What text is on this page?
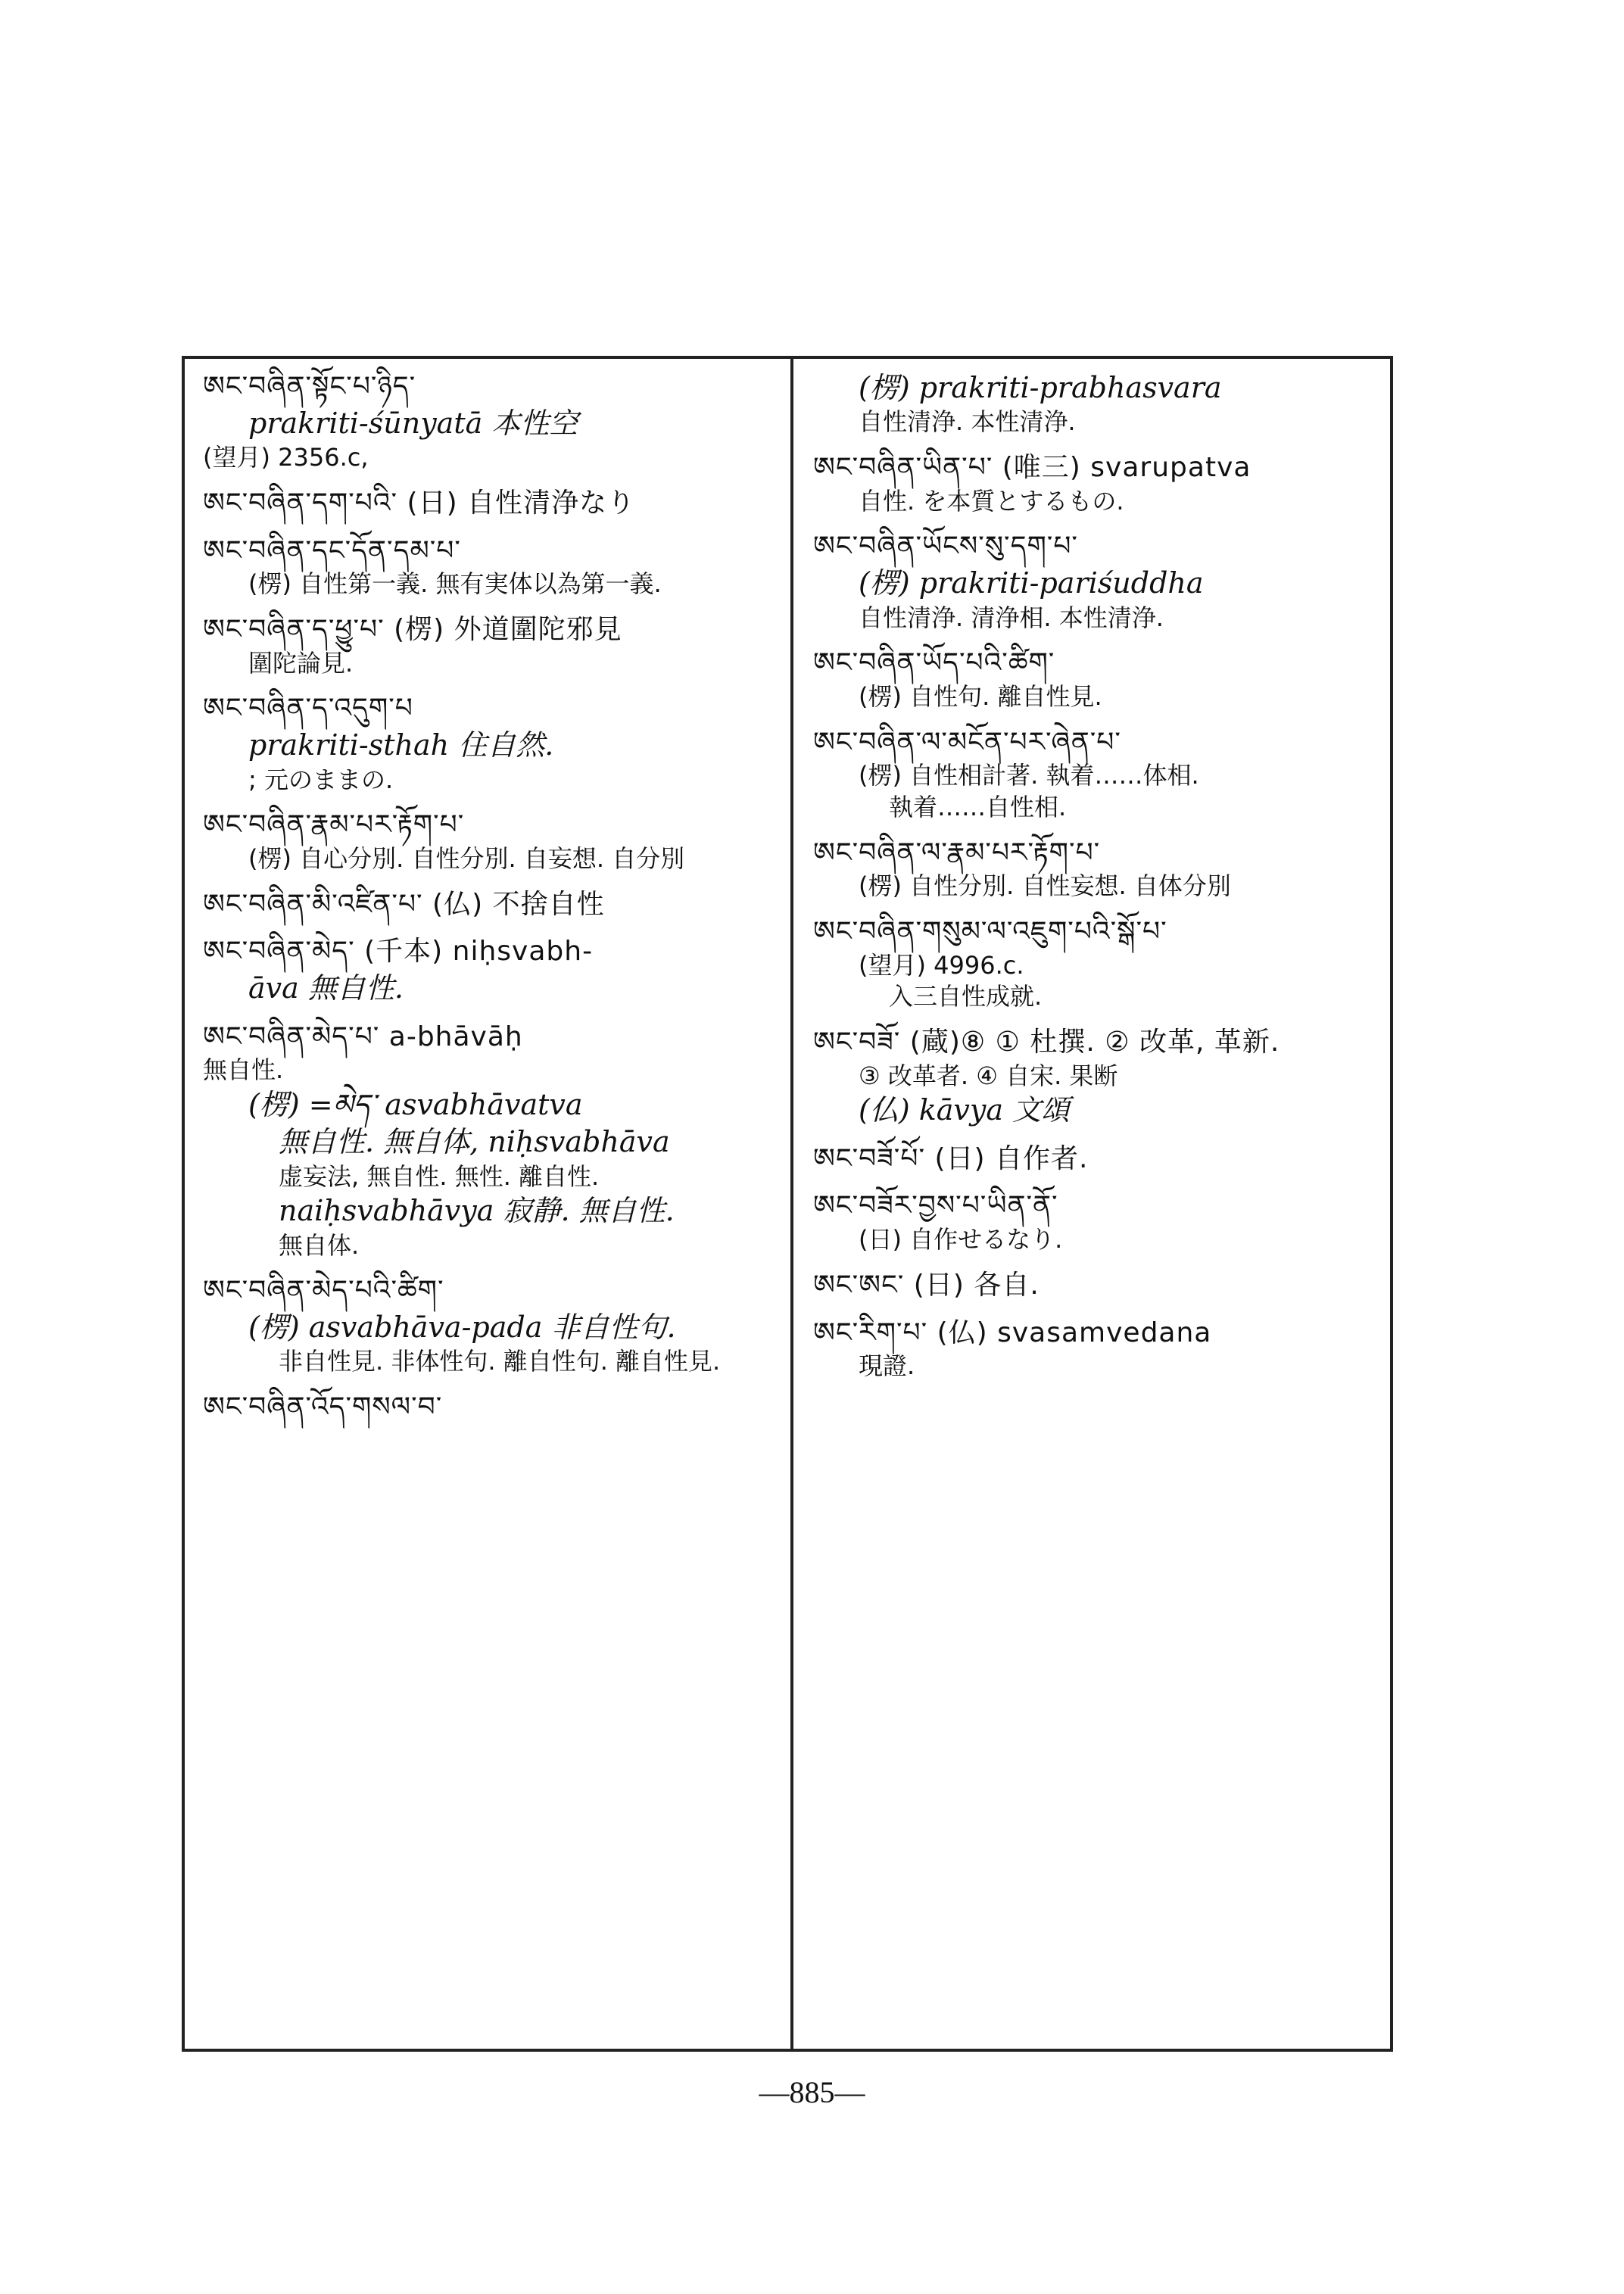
ཨང་བཞིན་སྟོང་པ་ཉིད་
prakriti-śūnyatā 本性空
(望月) 2356.c,
ཨང་བཞིན་དག་པའི་ (日) 自性清浄なり
ཨང་བཞིན་དང་དོན་དམ་པ་
(楞) 自性第一義. 無有実体以為第一義.
ཨང་བཞིན་ད་ཕྱུ་པ་ (楞) 外道圍陀邪見
圍陀論見.
ཨང་བཞིན་ད་འདུག་པ
prakriti-sthah 住自然.
; 元のままの.
ཨང་བཞིན་རྣམ་པར་རྟོག་པ་
(楞) 自心分別. 自性分別. 自妄想. 自分別
ཨང་བཞིན་མི་འཛིན་པ་ (仏) 不捨自性
ཨང་བཞིན་མེད་ (千本) niḥsvabh-
āva 無自性.
ཨང་བཞིན་མེད་པ་ a-bhāvāḥ
無自性.
(楞) =མེད་ asvabhāvatva
無自性. 無自体, niḥsvabhāva
虚妄法, 無自性. 無性. 離自性.
naiḥsvabhāvya 寂静. 無自性.
無自体.
ཨང་བཞིན་མེད་པའི་ཚིག་
(楞) asvabhāva-pada 非自性句.
非自性見. 非体性句. 離自性句. 離自性見.
ཨང་བཞིན་འོད་གསལ་བ་
(楞) prakriti-prabhasvara
自性清浄. 本性清浄.
ཨང་བཞིན་ཡིན་པ་ (唯三) svarupatva
自性. を本質とするもの.
ཨང་བཞིན་ཡོངས་སུ་དག་པ་
(楞) prakriti-pariśuddha
自性清浄. 清浄相. 本性清浄.
ཨང་བཞིན་ཡོད་པའི་ཚིག་
(楞) 自性句. 離自性見.
ཨང་བཞིན་ལ་མངོན་པར་ཞེན་པ་
(楞) 自性相計著. 執着……体相.
執着……自性相.
ཨང་བཞིན་ལ་རྣམ་པར་རྟོག་པ་
(楞) 自性分別. 自性妄想. 自体分別
ཨང་བཞིན་གསུམ་ལ་འཇུག་པའི་སྒོ་པ་
(望月) 4996.c.
入三自性成就.
ཨང་བཟོ་ (蔵)⑧ ① 杜撰. ② 改革, 革新.
③ 改革者. ④ 自宋. 果断
(仏) kāvya 文頌
ཨང་བཟོ་པོ་ (日) 自作者.
ཨང་བཟོར་བྱས་པ་ཡིན་ནོ་
(日) 自作せるなり.
ཨང་ཨང་ (日) 各自.
ཨང་རིག་པ་ (仏) svasamvedana
現證.
—885—
